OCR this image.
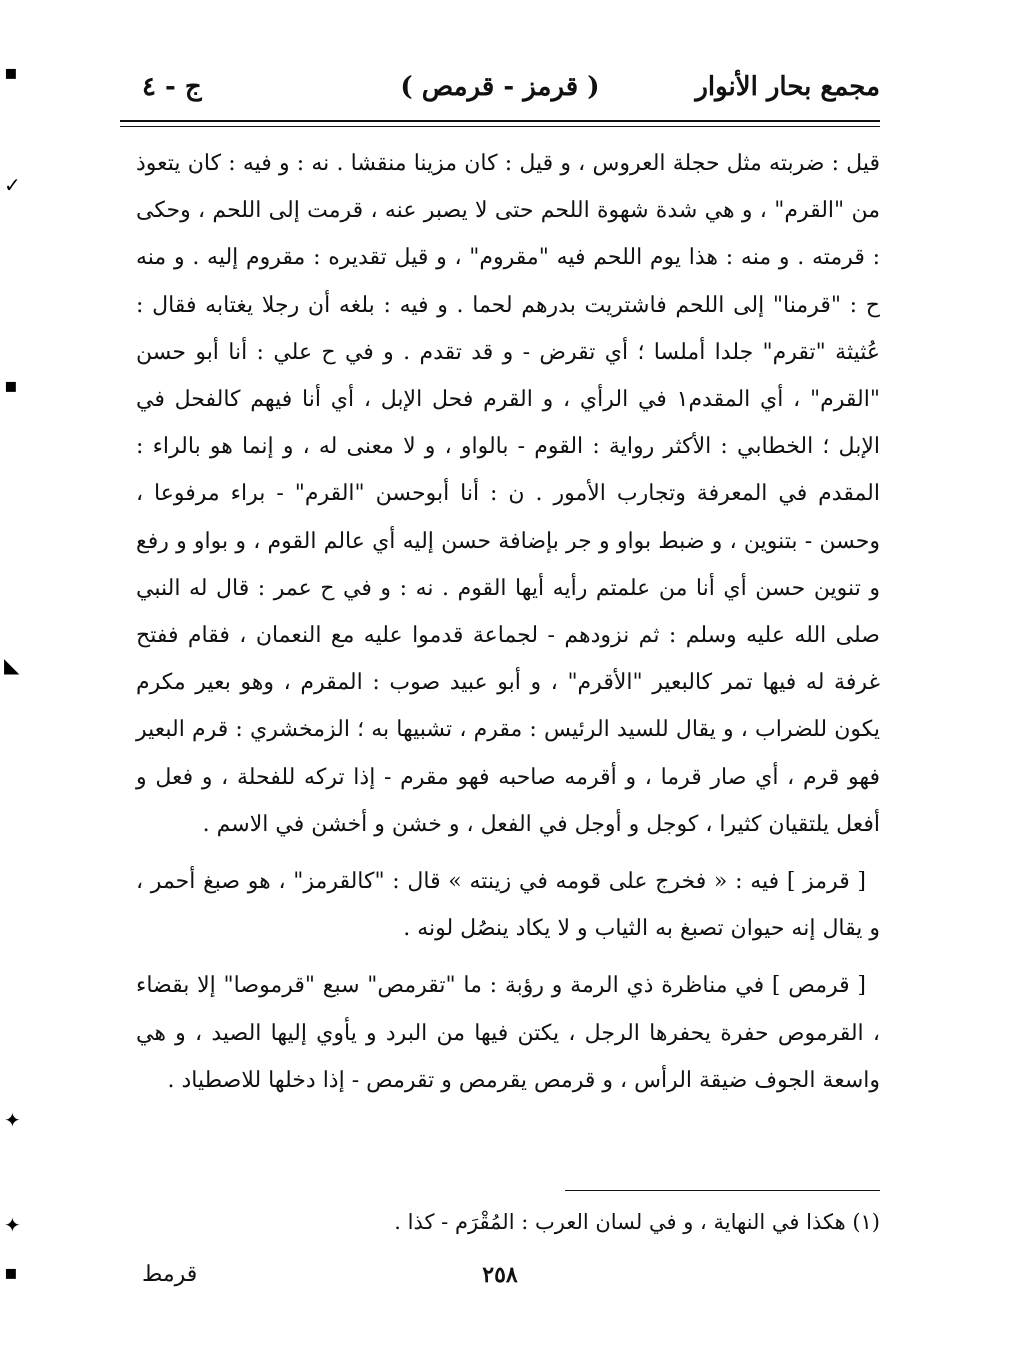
▪
✓
▪
◣
✦
✦
▪
مجمع بحار الأنوار
( قرمز - قرمص )
ج - ٤

قيل : ضربته مثل حجلة العروس ، و قيل : كان مزينا منقشا . نه : و فيه : كان يتعوذ من "القرم" ، و هي شدة شهوة اللحم حتى لا يصبر عنه ، قرمت إلى اللحم ، وحكى : قرمته . و منه : هذا يوم اللحم فيه "مقروم" ، و قيل تقديره : مقروم إليه . و منه ح : "قرمنا" إلى اللحم فاشتريت بدرهم لحما . و فيه : بلغه أن رجلا يغتابه فقال : عُثيثة "تقرم" جلدا أملسا ؛ أي تقرض - و قد تقدم . و في ح علي : أنا أبو حسن "القرم" ، أي المقدم١ في الرأي ، و القرم فحل الإبل ، أي أنا فيهم كالفحل في الإبل ؛ الخطابي : الأكثر رواية : القوم - بالواو ، و لا معنى له ، و إنما هو بالراء : المقدم في المعرفة وتجارب الأمور . ن : أنا أبوحسن "القرم" - براء مرفوعا ، وحسن - بتنوين ، و ضبط بواو و جر بإضافة حسن إليه أي عالم القوم ، و بواو و رفع و تنوين حسن أي أنا من علمتم رأيه أيها القوم . نه : و في ح عمر : قال له النبي صلى الله عليه وسلم : ثم نزودهم - لجماعة قدموا عليه مع النعمان ، فقام ففتح غرفة له فيها تمر كالبعير "الأقرم" ، و أبو عبيد صوب : المقرم ، وهو بعير مكرم يكون للضراب ، و يقال للسيد الرئيس : مقرم ، تشبيها به ؛ الزمخشري : قرم البعير فهو قرم ، أي صار قرما ، و أقرمه صاحبه فهو مقرم - إذا تركه للفحلة ، و فعل و أفعل يلتقيان كثيرا ، كوجل و أوجل في الفعل ، و خشن و أخشن في الاسم .

[ قرمز ] فيه : « فخرج على قومه في زينته » قال : "كالقرمز" ، هو صبغ أحمر ، و يقال إنه حيوان تصبغ به الثياب و لا يكاد ينصُل لونه .

[ قرمص ] في مناظرة ذي الرمة و رؤبة : ما "تقرمص" سبع "قرموصا" إلا بقضاء ، القرموص حفرة يحفرها الرجل ، يكتن فيها من البرد و يأوي إليها الصيد ، و هي واسعة الجوف ضيقة الرأس ، و قرمص يقرمص و تقرمص - إذا دخلها للاصطياد .

(١) هكذا في النهاية ، و في لسان العرب : المُقْرَم - كذا .
٢٥٨
قرمط
